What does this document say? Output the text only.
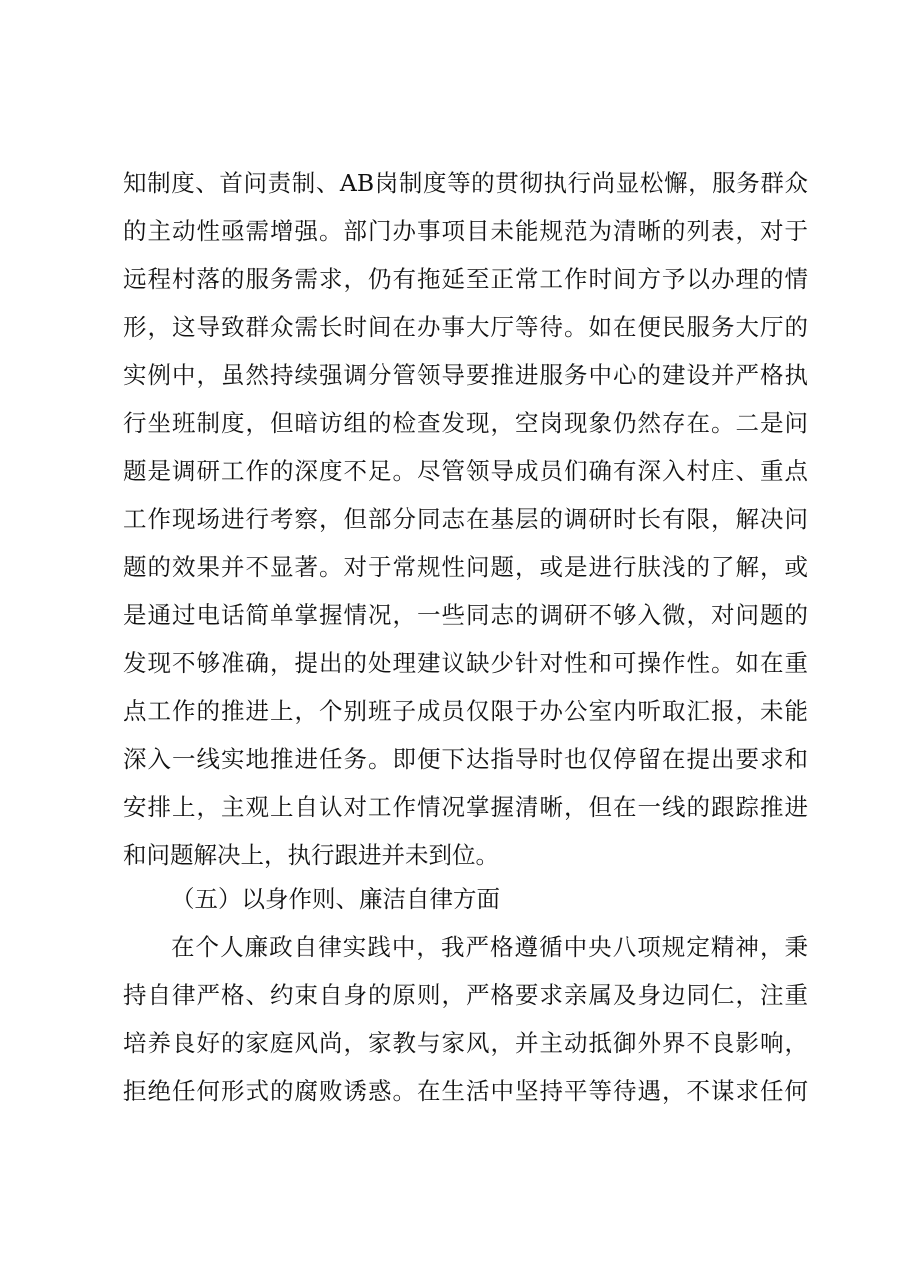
知制度、首问责制、AB岗制度等的贯彻执行尚显松懈，服务群众
的主动性亟需增强。部门办事项目未能规范为清晰的列表，对于
远程村落的服务需求，仍有拖延至正常工作时间方予以办理的情
形，这导致群众需长时间在办事大厅等待。如在便民服务大厅的
实例中，虽然持续强调分管领导要推进服务中心的建设并严格执
行坐班制度，但暗访组的检查发现，空岗现象仍然存在。二是问
题是调研工作的深度不足。尽管领导成员们确有深入村庄、重点
工作现场进行考察，但部分同志在基层的调研时长有限，解决问
题的效果并不显著。对于常规性问题，或是进行肤浅的了解，或
是通过电话简单掌握情况，一些同志的调研不够入微，对问题的
发现不够准确，提出的处理建议缺少针对性和可操作性。如在重
点工作的推进上，个别班子成员仅限于办公室内听取汇报，未能
深入一线实地推进任务。即便下达指导时也仅停留在提出要求和
安排上，主观上自认对工作情况掌握清晰，但在一线的跟踪推进
和问题解决上，执行跟进并未到位。
（五）以身作则、廉洁自律方面
在个人廉政自律实践中，我严格遵循中央八项规定精神，秉
持自律严格、约束自身的原则，严格要求亲属及身边同仁，注重
培养良好的家庭风尚，家教与家风，并主动抵御外界不良影响，
拒绝任何形式的腐败诱惑。在生活中坚持平等待遇，不谋求任何
